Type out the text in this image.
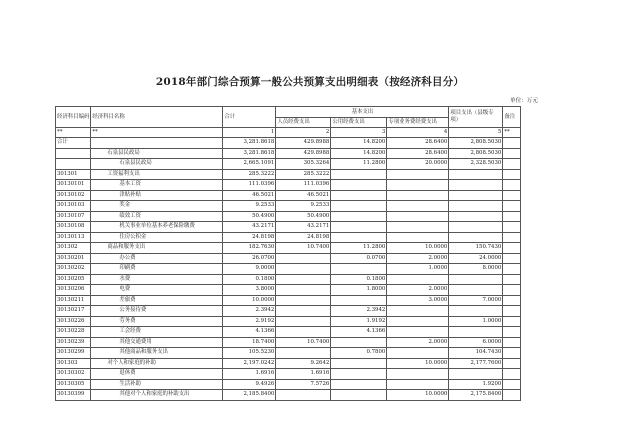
2018年部门综合预算一般公共预算支出明细表（按经济科目分）
单位：万元
经济科目编码	经济科目名称	合计	基本支出			项目支出（县级专项）	备注
			人员经费支出	公用经费支出	专项业务费经费支出		
**	**	1	2	3	4	5	**
合计		3,281.8618	429.8988	14.8200	28.6400	2,808.5030	
	石泉县民政局	3,281.8618	429.8988	14.8200	28.6400	2,808.5030	
	石泉县民政局	2,665.1091	305.3264	11.2800	20.0000	2,328.5030	
301301	工资福利支出	285.3222	285.3222				
30130101	基本工资	111.0396	111.0396				
30130102	津贴补贴	46.5021	46.5021				
30130103	奖金	9.2533	9.2533				
30130107	绩效工资	50.4900	50.4900				
30130108	机关事业单位基本养老保险缴费	43.2171	43.2171				
30130113	住房公积金	24.8198	24.8198				
301302	商品和服务支出	182.7630	10.7400	11.2800	10.0000	150.7430	
30130201	办公费	26.0700		0.0700	2.0000	24.0000	
30130202	印刷费	9.0000			1.0000	8.0000	
30130205	水费	0.1800		0.1800			
30130206	电费	3.8000		1.8000	2.0000		
30130211	差旅费	10.0000			3.0000	7.0000	
30130217	公务接待费	2.3942		2.3942			
30130226	劳务费	2.9192		1.9192		1.0000	
30130228	工会经费	4.1366		4.1366			
30130239	其他交通费用	18.7400	10.7400		2.0000	6.0000	
30130299	其他商品和服务支出	105.5230		0.7800		104.7430	
301303	对个人和家庭的补助	2,197.0242	9.2642		10.0000	2,177.7600	
30130302	退休费	1.6916	1.6916				
30130305	生活补助	9.4926	7.5726			1.9200	
30130399	其他对个人和家庭的补助支出	2,185.8400			10.0000	2,175.8400	
